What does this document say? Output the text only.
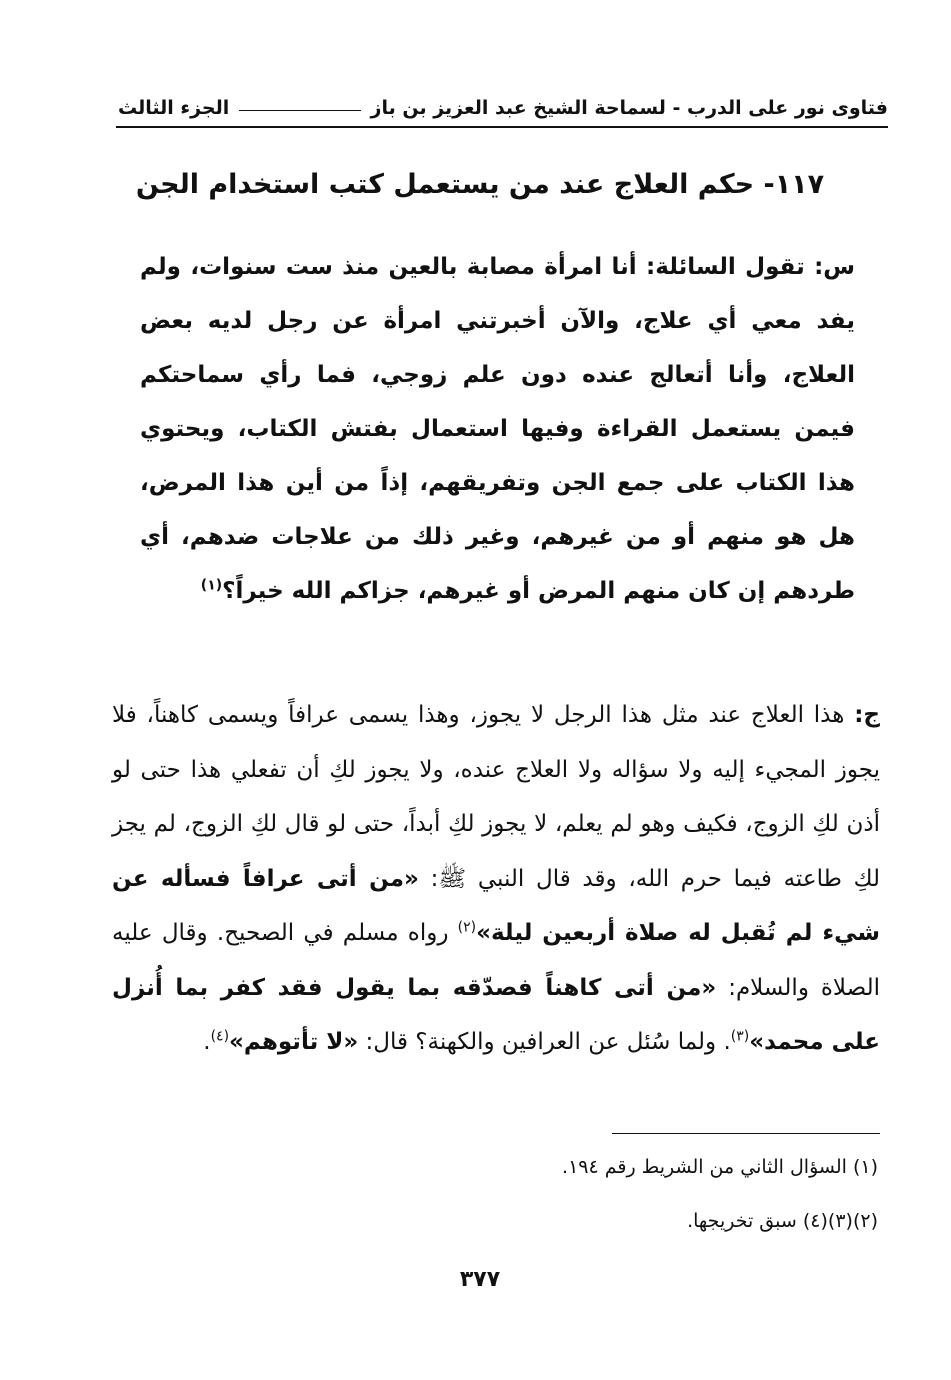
فتاوى نور على الدرب - لسماحة الشيخ عبد العزيز بن باز
الجزء الثالث
١١٧- حكم العلاج عند من يستعمل كتب استخدام الجن
س: تقول السائلة: أنا امرأة مصابة بالعين منذ ست سنوات، ولم يفد معي أي علاج، والآن أخبرتني امرأة عن رجل لديه بعض العلاج، وأنا أتعالج عنده دون علم زوجي، فما رأي سماحتكم فيمن يستعمل القراءة وفيها استعمال بفتش الكتاب، ويحتوي هذا الكتاب على جمع الجن وتفريقهم، إذاً من أين هذا المرض، هل هو منهم أو من غيرهم، وغير ذلك من علاجات ضدهم، أي طردهم إن كان منهم المرض أو غيرهم، جزاكم الله خيراً؟$^{(١)}$
ج: هذا العلاج عند مثل هذا الرجل لا يجوز، وهذا يسمى عرافاً ويسمى كاهناً، فلا يجوز المجيء إليه ولا سؤاله ولا العلاج عنده، ولا يجوز لكِ أن تفعلي هذا حتى لو أذن لكِ الزوج، فكيف وهو لم يعلم، لا يجوز لكِ أبداً، حتى لو قال لكِ الزوج، لم يجز لكِ طاعته فيما حرم الله، وقد قال النبي ﷺ: «من أتى عرافاً فسأله عن شيء لم تُقبل له صلاة أربعين ليلة»$^{(٢)}$ رواه مسلم في الصحيح. وقال عليه الصلاة والسلام: «من أتى كاهناً فصدّقه بما يقول فقد كفر بما أُنزل على محمد»$^{(٣)}$. ولما سُئل عن العرافين والكهنة؟ قال: «لا تأتوهم»$^{(٤)}$.
(١) السؤال الثاني من الشريط رقم ١٩٤.
(٢)(٣)(٤) سبق تخريجها.
٣٧٧
